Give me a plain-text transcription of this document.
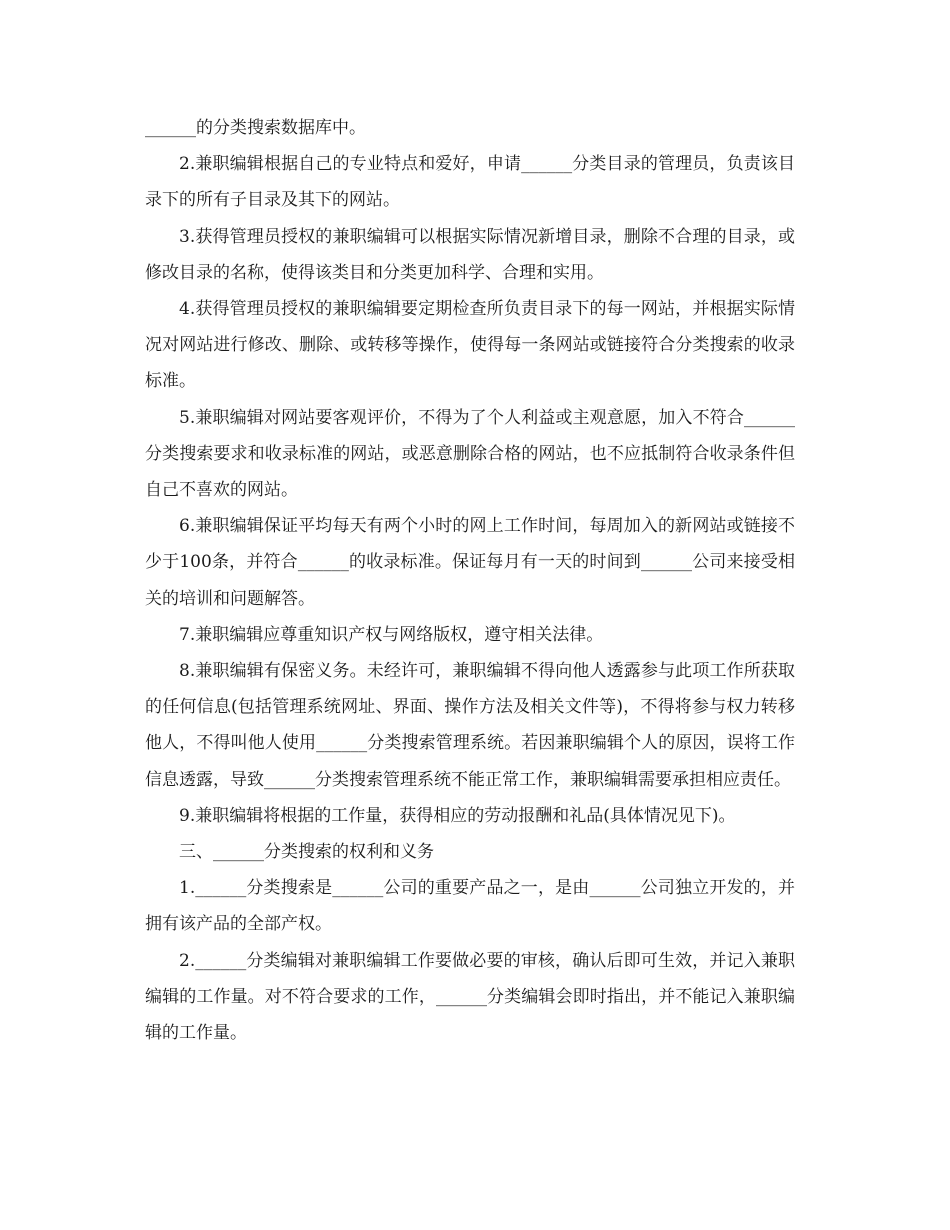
______的分类搜索数据库中。

2.兼职编辑根据自己的专业特点和爱好，申请______分类目录的管理员，负责该目录下的所有子目录及其下的网站。

3.获得管理员授权的兼职编辑可以根据实际情况新增目录，删除不合理的目录，或修改目录的名称，使得该类目和分类更加科学、合理和实用。

4.获得管理员授权的兼职编辑要定期检查所负责目录下的每一网站，并根据实际情况对网站进行修改、删除、或转移等操作，使得每一条网站或链接符合分类搜索的收录标准。

5.兼职编辑对网站要客观评价，不得为了个人利益或主观意愿，加入不符合______分类搜索要求和收录标准的网站，或恶意删除合格的网站，也不应抵制符合收录条件但自己不喜欢的网站。

6.兼职编辑保证平均每天有两个小时的网上工作时间，每周加入的新网站或链接不少于100条，并符合______的收录标准。保证每月有一天的时间到______公司来接受相关的培训和问题解答。

7.兼职编辑应尊重知识产权与网络版权，遵守相关法律。

8.兼职编辑有保密义务。未经许可，兼职编辑不得向他人透露参与此项工作所获取的任何信息(包括管理系统网址、界面、操作方法及相关文件等)，不得将参与权力转移他人，不得叫他人使用______分类搜索管理系统。若因兼职编辑个人的原因，误将工作信息透露，导致______分类搜索管理系统不能正常工作，兼职编辑需要承担相应责任。

9.兼职编辑将根据的工作量，获得相应的劳动报酬和礼品(具体情况见下)。

三、______分类搜索的权利和义务

1.______分类搜索是______公司的重要产品之一，是由______公司独立开发的，并拥有该产品的全部产权。

2.______分类编辑对兼职编辑工作要做必要的审核，确认后即可生效，并记入兼职编辑的工作量。对不符合要求的工作，______分类编辑会即时指出，并不能记入兼职编辑的工作量。
